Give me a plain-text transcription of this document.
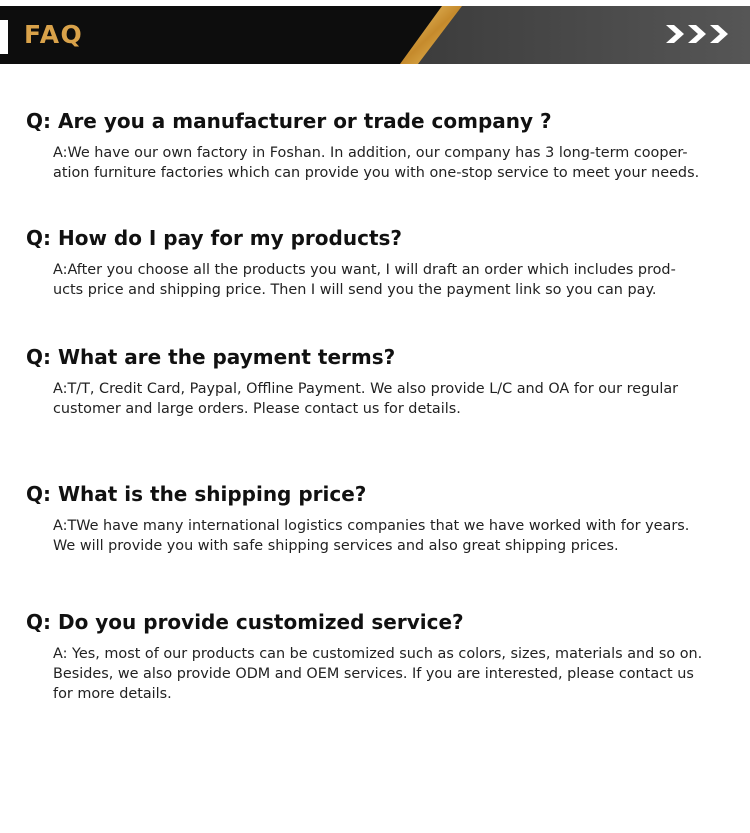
FAQ
Q: Are you a manufacturer or trade company ?

A:We have our own factory in Foshan. In addition, our company has 3 long-term cooper-ation furniture factories which can provide you with one-stop service to meet your needs.

Q: How do I pay for my products?

A:After you choose all the products you want, I will draft an order which includes prod-ucts price and shipping price. Then I will send you the payment link so you can pay.

Q: What are the payment terms?

A:T/T, Credit Card, Paypal, Offline Payment. We also provide L/C and OA for our regular customer and large orders. Please contact us for details.

Q: What is the shipping price?

A:TWe have many international logistics companies that we have worked with for years. We will provide you with safe shipping services and also great shipping prices.

Q: Do you provide customized service?

A: Yes, most of our products can be customized such as colors, sizes, materials and so on. Besides, we also provide ODM and OEM services. If you are interested, please contact us for more details.
